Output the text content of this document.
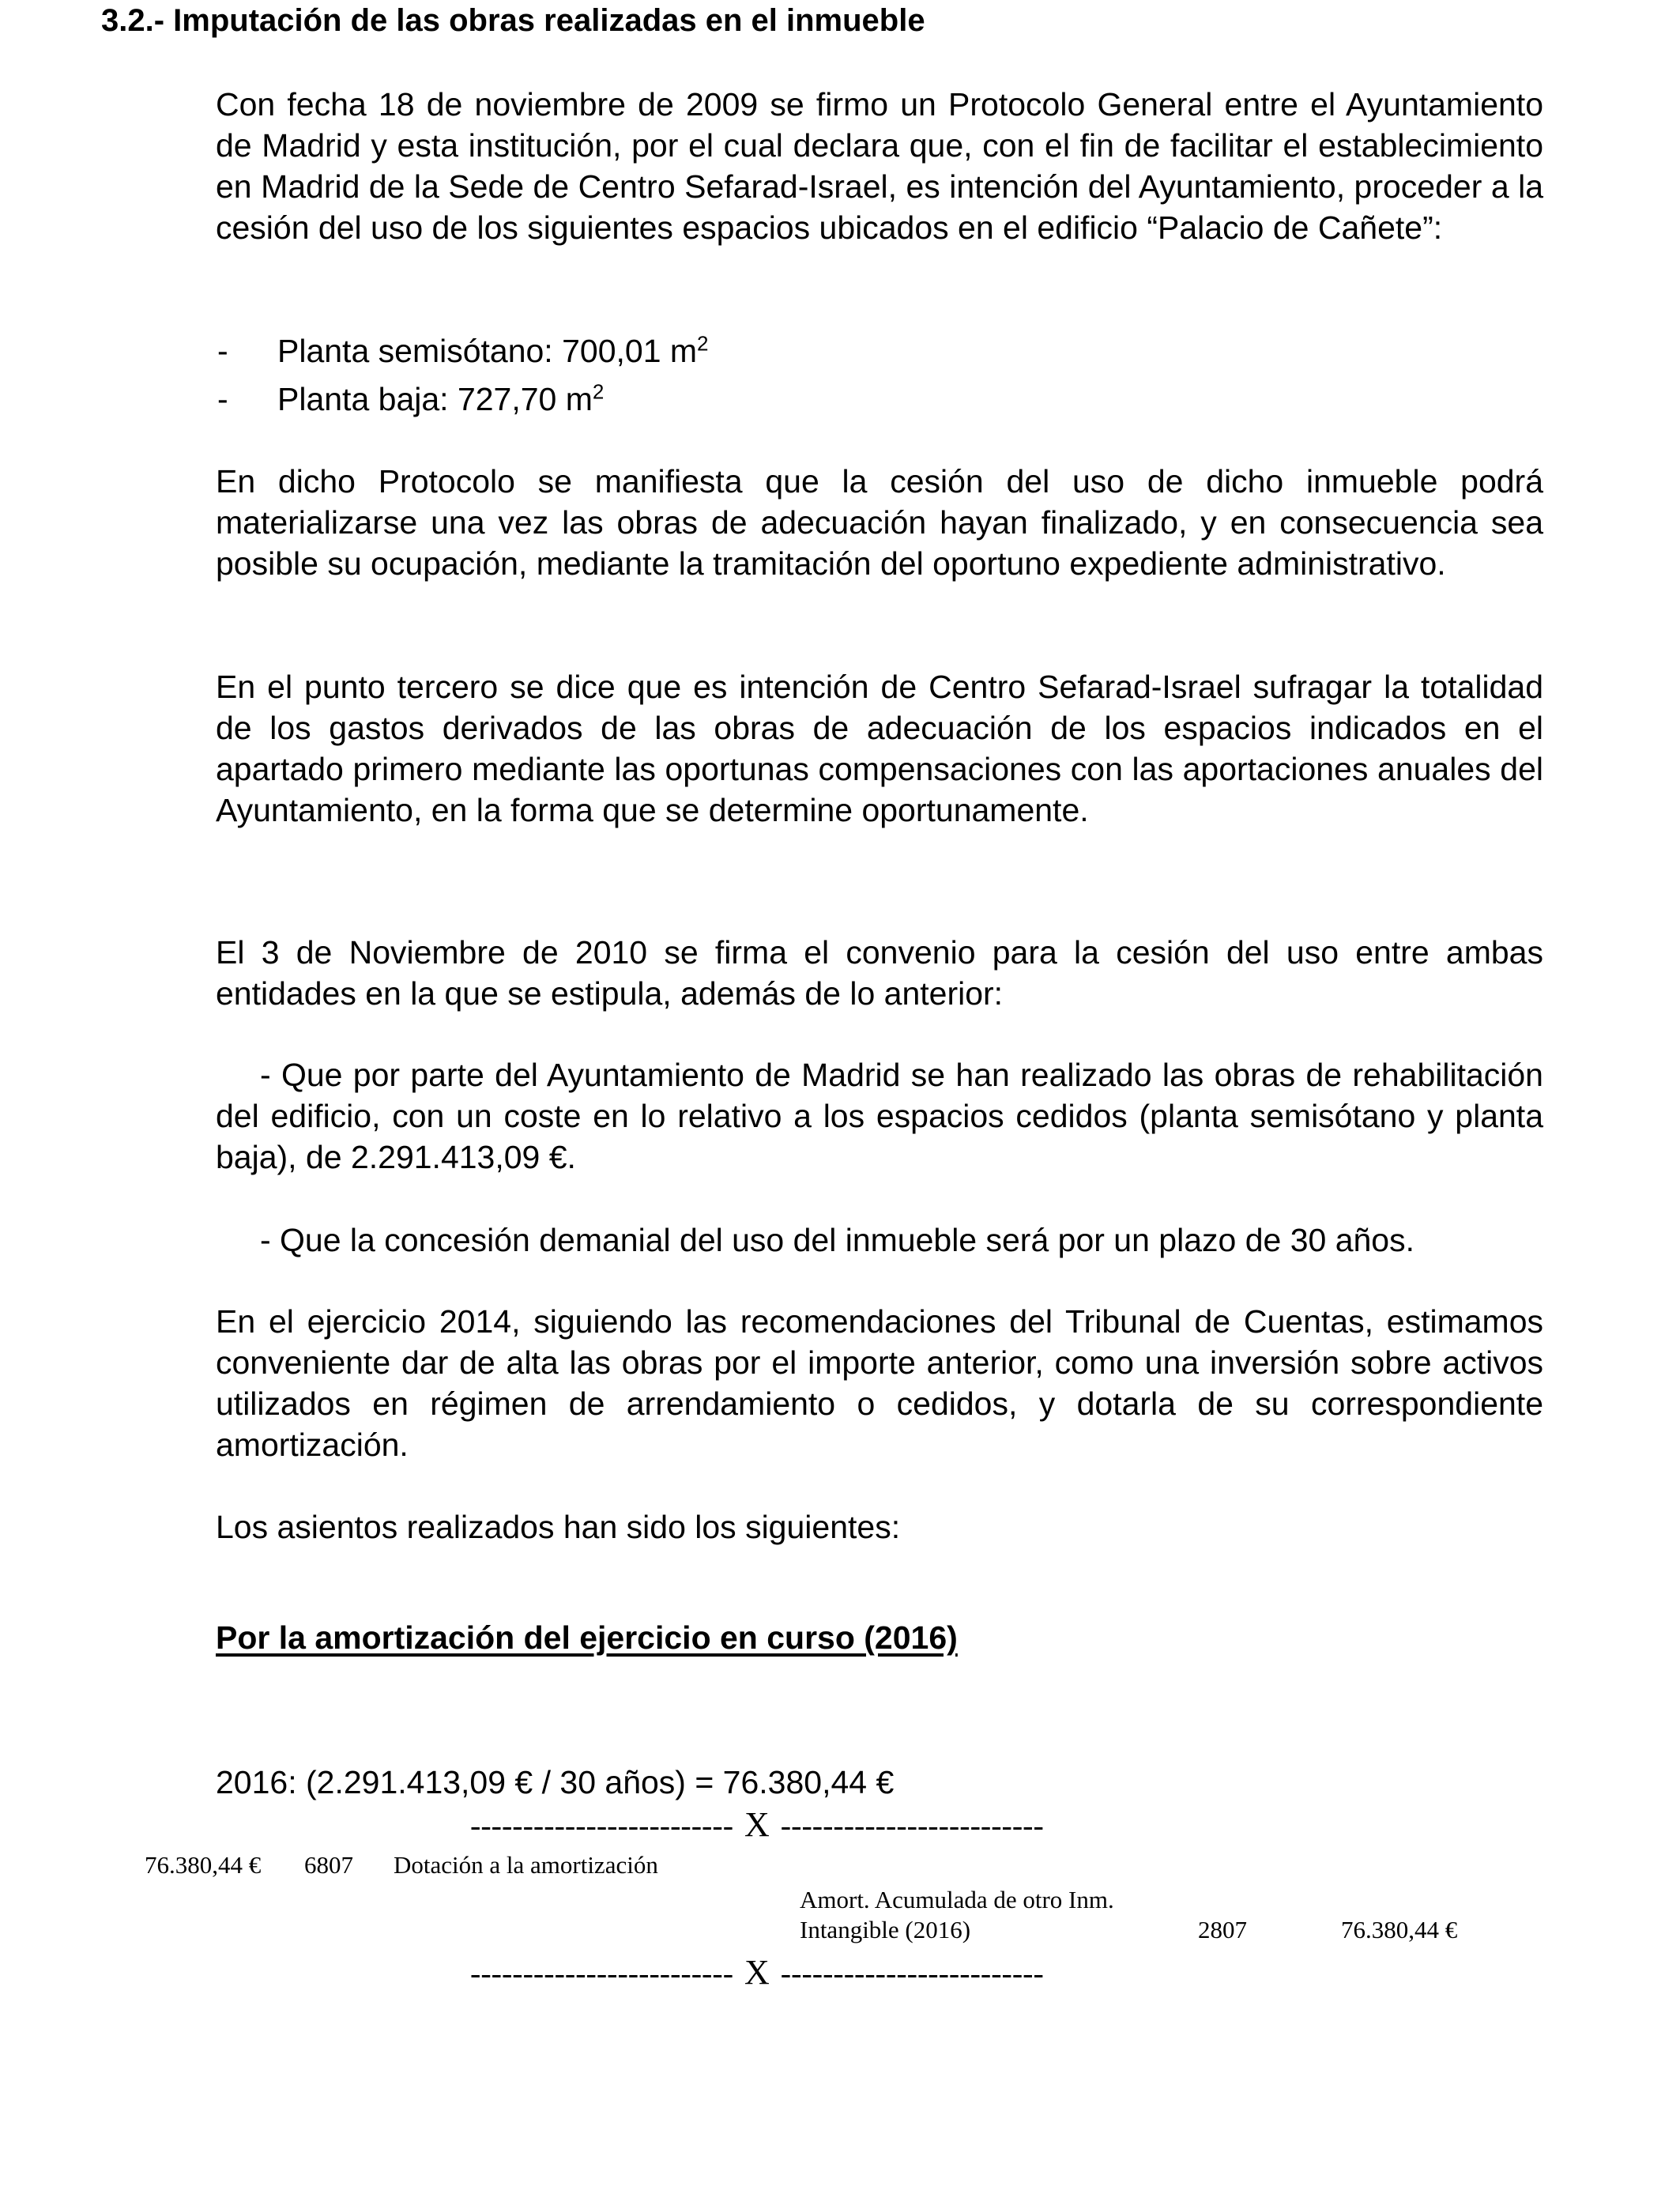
3.2.- Imputación de las obras realizadas en el inmueble

Con fecha 18 de noviembre de 2009 se firmo un Protocolo General entre el Ayuntamiento de Madrid y esta institución, por el cual declara que, con el fin de facilitar el establecimiento en Madrid de la Sede de Centro Sefarad-Israel, es intención del Ayuntamiento, proceder a la cesión del uso de los siguientes espacios ubicados en el edificio “Palacio de Cañete”:

- Planta semisótano: 700,01 $m^2$
- Planta baja: 727,70 $m^2$

En dicho Protocolo se manifiesta que la cesión del uso de dicho inmueble podrá materializarse una vez las obras de adecuación hayan finalizado, y en consecuencia sea posible su ocupación, mediante la tramitación del oportuno expediente administrativo.

En el punto tercero se dice que es intención de Centro Sefarad-Israel sufragar la totalidad de los gastos derivados de las obras de adecuación de los espacios indicados en el apartado primero mediante las oportunas compensaciones con las aportaciones anuales del Ayuntamiento, en la forma que se determine oportunamente.

El 3 de Noviembre de 2010 se firma el convenio para la cesión del uso entre ambas entidades en la que se estipula, además de lo anterior:

- Que por parte del Ayuntamiento de Madrid se han realizado las obras de rehabilitación del edificio, con un coste en lo relativo a los espacios cedidos (planta semisótano y planta baja), de 2.291.413,09 €.

- Que la concesión demanial del uso del inmueble será por un plazo de 30 años.

En el ejercicio 2014, siguiendo las recomendaciones del Tribunal de Cuentas, estimamos conveniente dar de alta las obras por el importe anterior, como una inversión sobre activos utilizados en régimen de arrendamiento o cedidos, y dotarla de su correspondiente amortización.

Los asientos realizados han sido los siguientes:

Por la amortización del ejercicio en curso (2016)
2016: (2.291.413,09 € / 30 años) = 76.380,44 €
------------------------- X -------------------------
76.380,44 € 6807 Dotación a la amortización
Amort. Acumulada de otro Inm.
Intangible (2016)	2807	76.380,44 €
------------------------- X -------------------------
